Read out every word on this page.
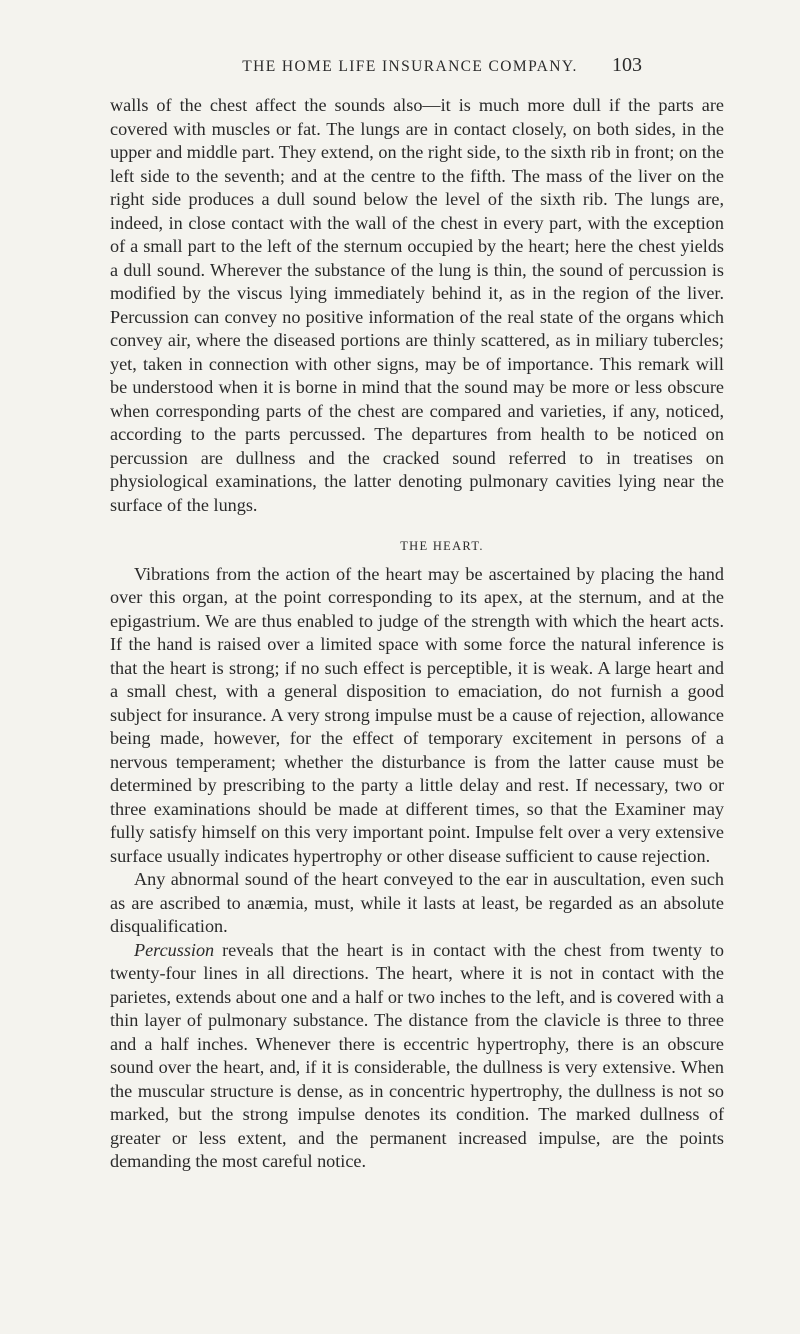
THE HOME LIFE INSURANCE COMPANY.	103

walls of the chest affect the sounds also—it is much more dull if the parts are covered with muscles or fat. The lungs are in contact closely, on both sides, in the upper and middle part. They extend, on the right side, to the sixth rib in front; on the left side to the seventh; and at the centre to the fifth. The mass of the liver on the right side produces a dull sound below the level of the sixth rib. The lungs are, indeed, in close contact with the wall of the chest in every part, with the exception of a small part to the left of the sternum occupied by the heart; here the chest yields a dull sound. Wherever the substance of the lung is thin, the sound of percussion is modified by the viscus lying immediately behind it, as in the region of the liver. Percussion can convey no positive information of the real state of the organs which convey air, where the diseased portions are thinly scattered, as in miliary tubercles; yet, taken in connection with other signs, may be of importance. This remark will be understood when it is borne in mind that the sound may be more or less obscure when corresponding parts of the chest are compared and varieties, if any, noticed, according to the parts percussed. The departures from health to be noticed on percussion are dullness and the cracked sound referred to in treatises on physiological examinations, the latter denoting pulmonary cavities lying near the surface of the lungs.

THE HEART.

Vibrations from the action of the heart may be ascertained by placing the hand over this organ, at the point corresponding to its apex, at the sternum, and at the epigastrium. We are thus enabled to judge of the strength with which the heart acts. If the hand is raised over a limited space with some force the natural inference is that the heart is strong; if no such effect is perceptible, it is weak. A large heart and a small chest, with a general disposition to emaciation, do not furnish a good subject for insurance. A very strong impulse must be a cause of rejection, allowance being made, however, for the effect of temporary excitement in persons of a nervous temperament; whether the disturbance is from the latter cause must be determined by prescribing to the party a little delay and rest. If necessary, two or three examinations should be made at different times, so that the Examiner may fully satisfy himself on this very important point. Impulse felt over a very extensive surface usually indicates hypertrophy or other disease sufficient to cause rejection.

Any abnormal sound of the heart conveyed to the ear in auscultation, even such as are ascribed to anæmia, must, while it lasts at least, be regarded as an absolute disqualification.

Percussion reveals that the heart is in contact with the chest from twenty to twenty-four lines in all directions. The heart, where it is not in contact with the parietes, extends about one and a half or two inches to the left, and is covered with a thin layer of pulmonary substance. The distance from the clavicle is three to three and a half inches. Whenever there is eccentric hypertrophy, there is an obscure sound over the heart, and, if it is considerable, the dullness is very extensive. When the muscular structure is dense, as in concentric hypertrophy, the dullness is not so marked, but the strong impulse denotes its condition. The marked dullness of greater or less extent, and the permanent increased impulse, are the points demanding the most careful notice.
